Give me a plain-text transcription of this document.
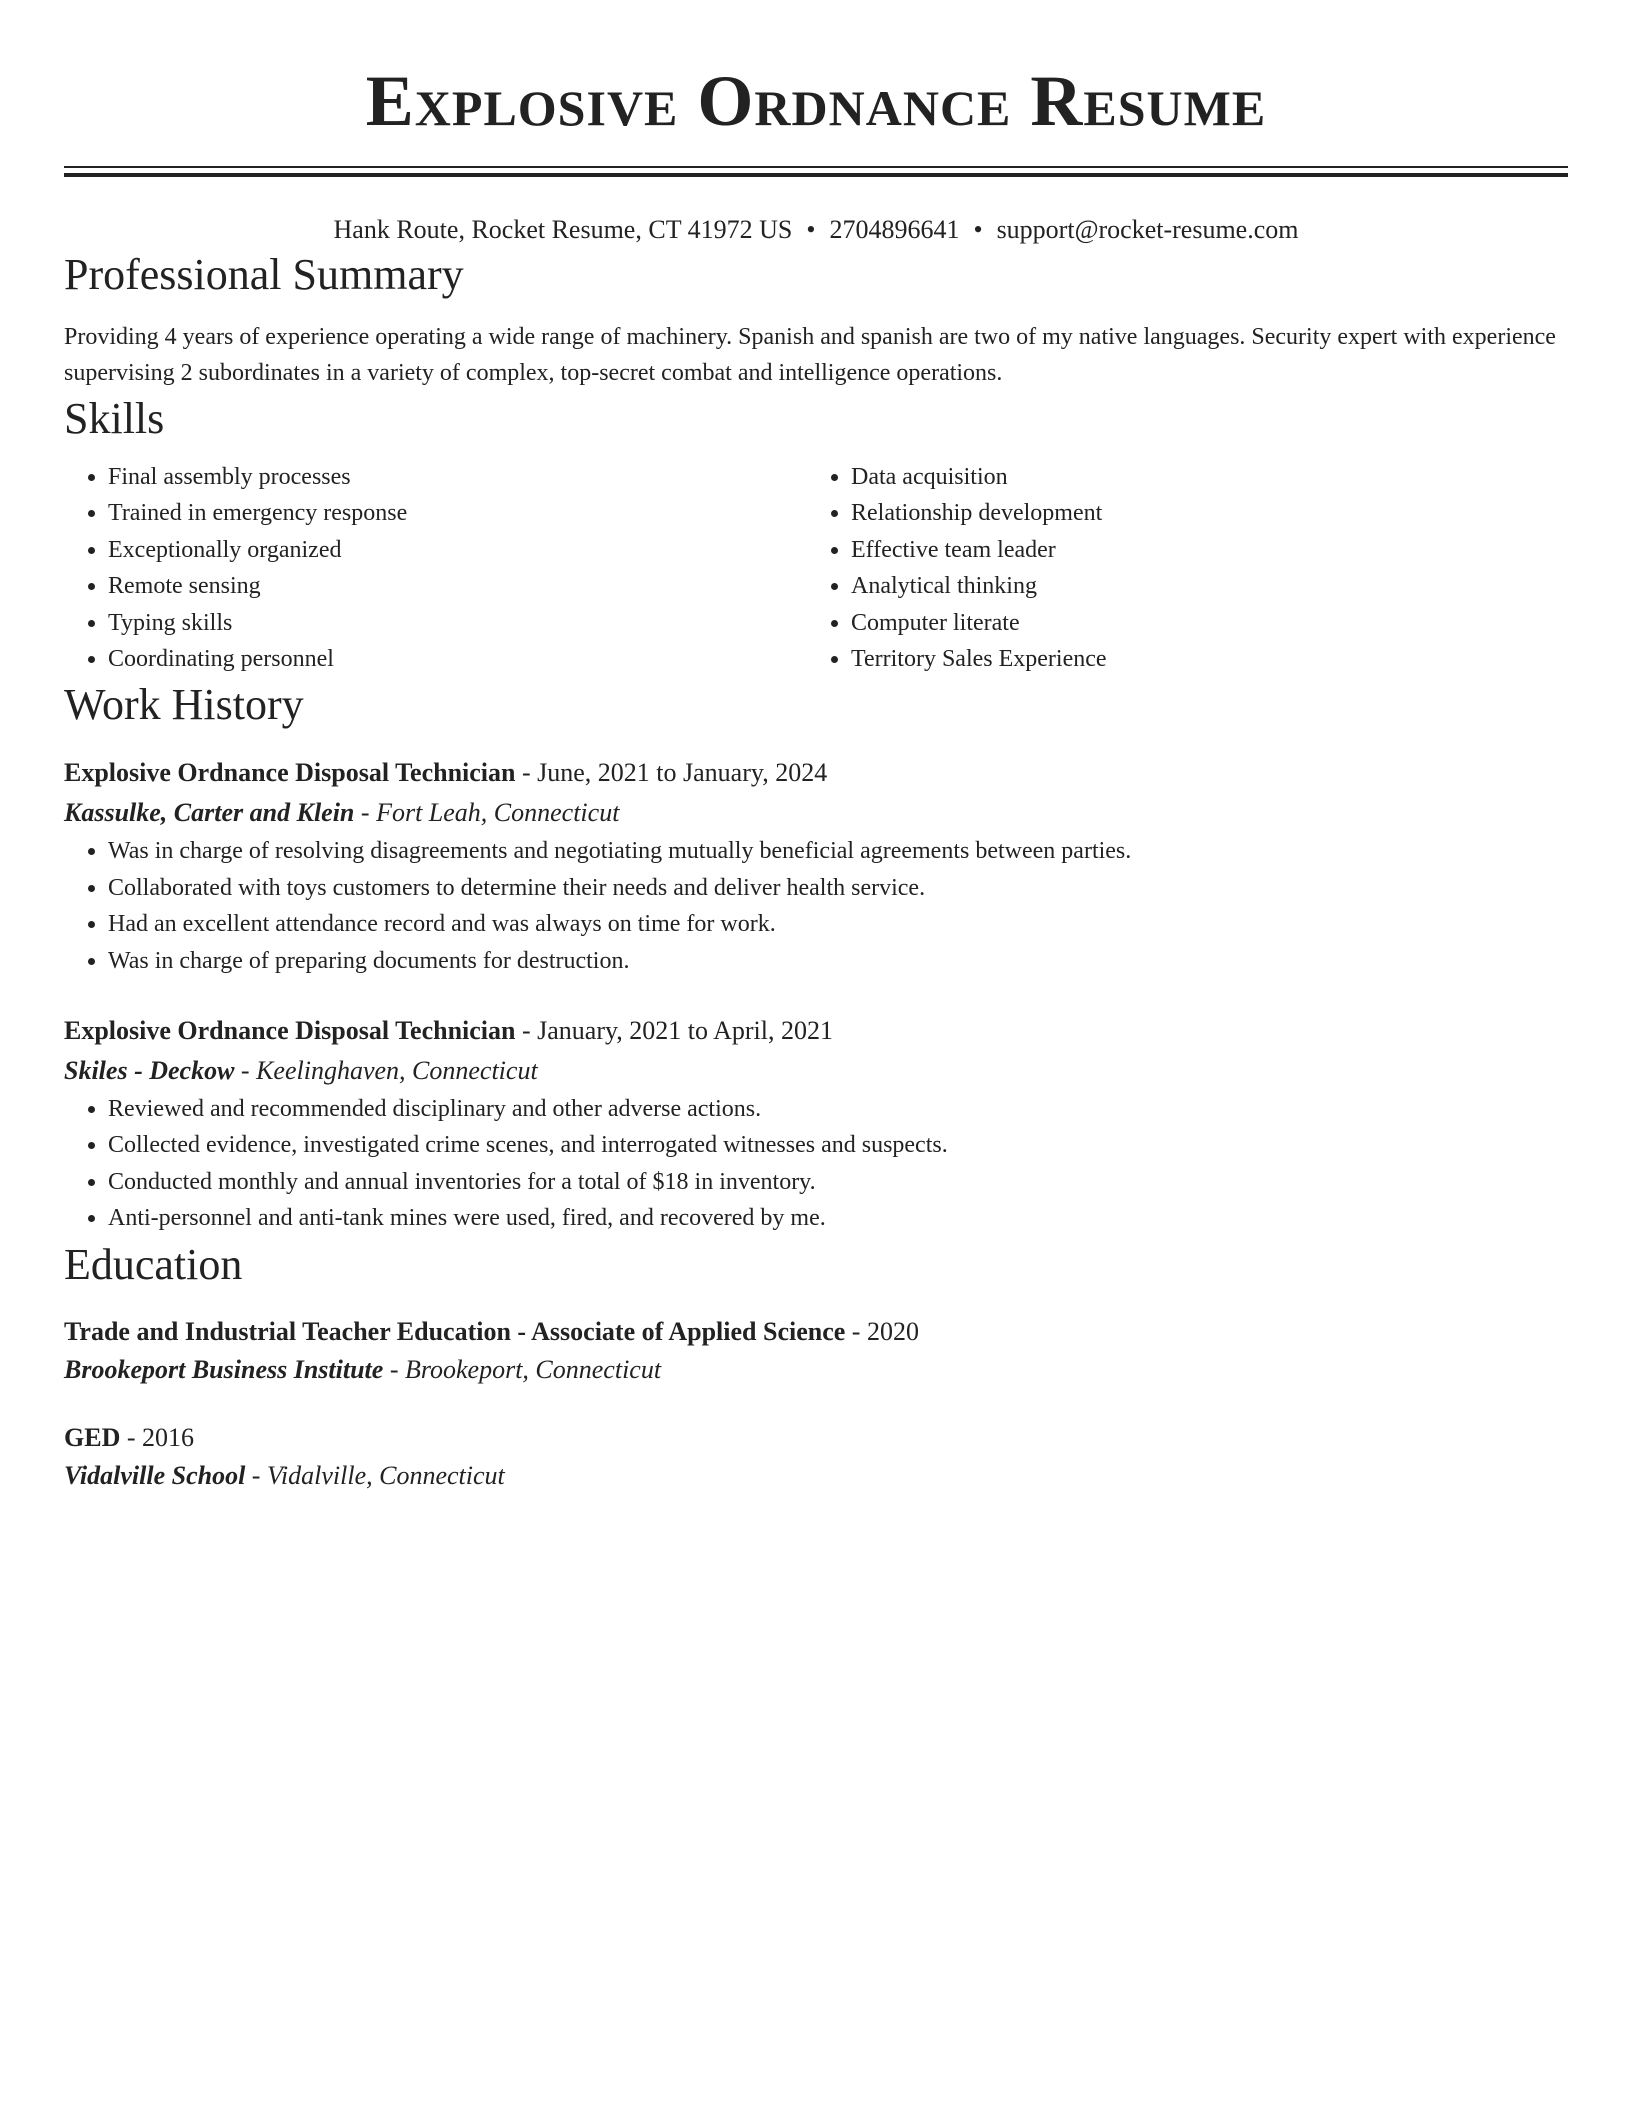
Explosive Ordnance Resume
Hank Route, Rocket Resume, CT 41972 US • 2704896641 • support@rocket-resume.com
Professional Summary
Providing 4 years of experience operating a wide range of machinery. Spanish and spanish are two of my native languages. Security expert with experience supervising 2 subordinates in a variety of complex, top-secret combat and intelligence operations.
Skills
• Final assembly processes
• Trained in emergency response
• Exceptionally organized
• Remote sensing
• Typing skills
• Coordinating personnel
• Data acquisition
• Relationship development
• Effective team leader
• Analytical thinking
• Computer literate
• Territory Sales Experience
Work History
Explosive Ordnance Disposal Technician - June, 2021 to January, 2024
Kassulke, Carter and Klein - Fort Leah, Connecticut
• Was in charge of resolving disagreements and negotiating mutually beneficial agreements between parties.
• Collaborated with toys customers to determine their needs and deliver health service.
• Had an excellent attendance record and was always on time for work.
• Was in charge of preparing documents for destruction.
Explosive Ordnance Disposal Technician - January, 2021 to April, 2021
Skiles - Deckow - Keelinghaven, Connecticut
• Reviewed and recommended disciplinary and other adverse actions.
• Collected evidence, investigated crime scenes, and interrogated witnesses and suspects.
• Conducted monthly and annual inventories for a total of $18 in inventory.
• Anti-personnel and anti-tank mines were used, fired, and recovered by me.
Education
Trade and Industrial Teacher Education - Associate of Applied Science - 2020
Brookeport Business Institute - Brookeport, Connecticut
GED - 2016
Vidalville School - Vidalville, Connecticut
